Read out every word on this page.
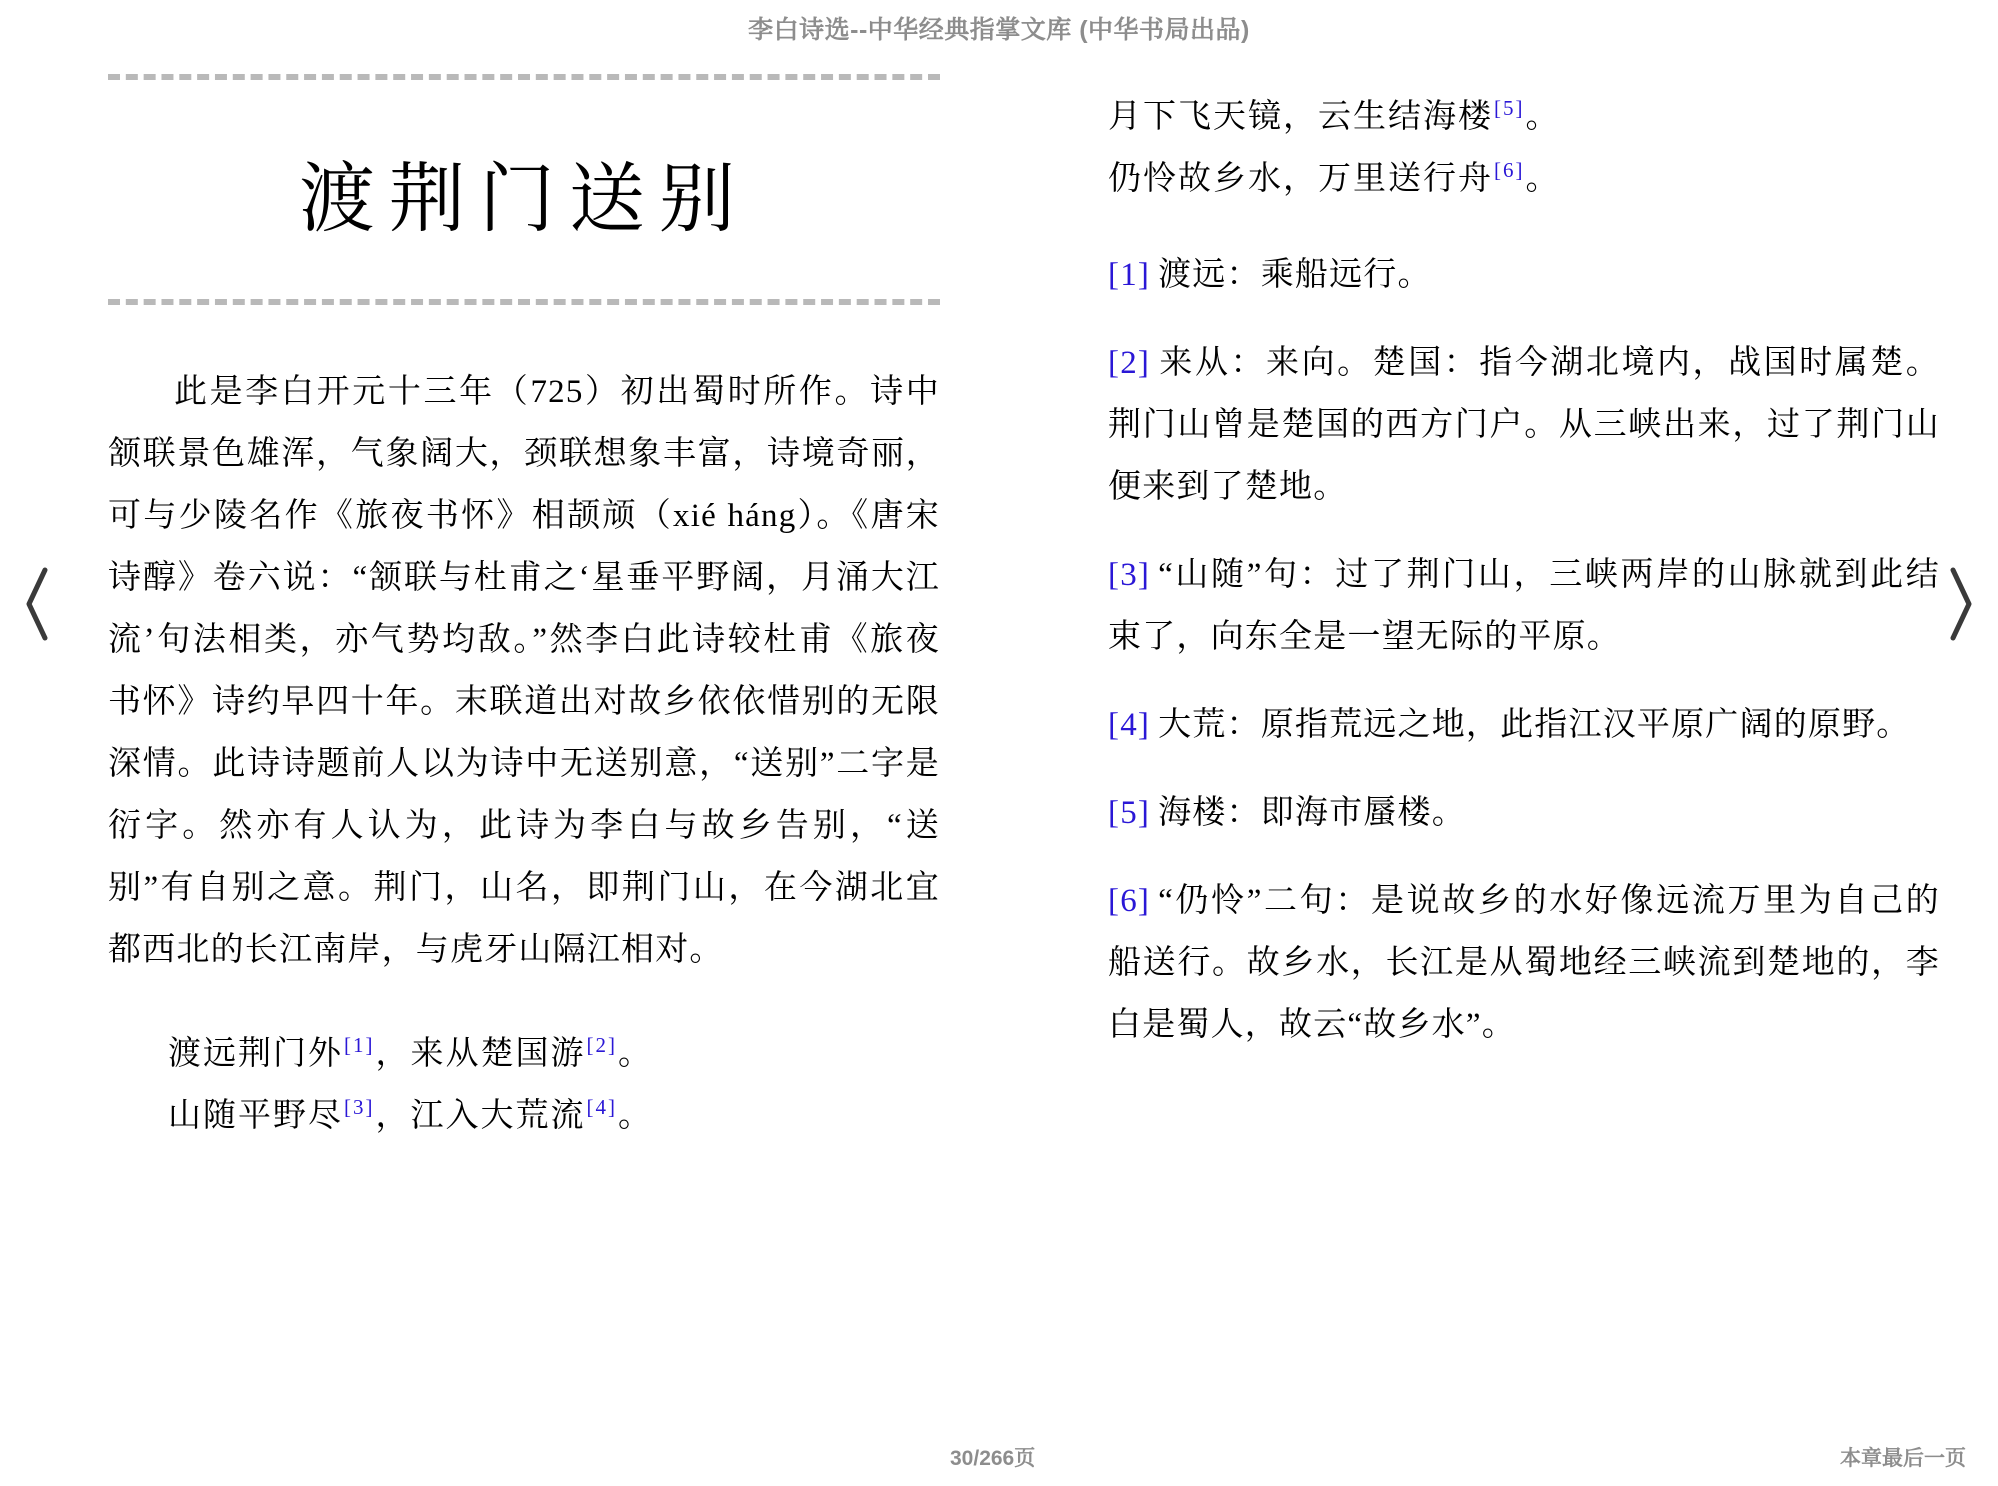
李白诗选--中华经典指掌文库 (中华书局出品)
渡荆门送别
此是李白开元十三年（725）初出蜀时所作。诗中颔联景色雄浑，气象阔大，颈联想象丰富，诗境奇丽，可与少陵名作《旅夜书怀》相颉颃（xié háng）。《唐宋诗醇》卷六说：“颔联与杜甫之‘星垂平野阔，月涌大江流’句法相类，亦气势均敌。”然李白此诗较杜甫《旅夜书怀》诗约早四十年。末联道出对故乡依依惜别的无限深情。此诗诗题前人以为诗中无送别意，“送别”二字是衍字。然亦有人认为，此诗为李白与故乡告别，“送别”有自别之意。荆门，山名，即荆门山，在今湖北宜都西北的长江南岸，与虎牙山隔江相对。
渡远荆门外[1]，来从楚国游[2]。
山随平野尽[3]，江入大荒流[4]。
月下飞天镜，云生结海楼[5]。
仍怜故乡水，万里送行舟[6]。
[1] 渡远：乘船远行。
[2] 来从：来向。楚国：指今湖北境内，战国时属楚。荆门山曾是楚国的西方门户。从三峡出来，过了荆门山便来到了楚地。
[3] “山随”句：过了荆门山，三峡两岸的山脉就到此结束了，向东全是一望无际的平原。
[4] 大荒：原指荒远之地，此指江汉平原广阔的原野。
[5] 海楼：即海市蜃楼。
[6] “仍怜”二句：是说故乡的水好像远流万里为自己的船送行。故乡水，长江是从蜀地经三峡流到楚地的，李白是蜀人，故云“故乡水”。
30/266页	本章最后一页
